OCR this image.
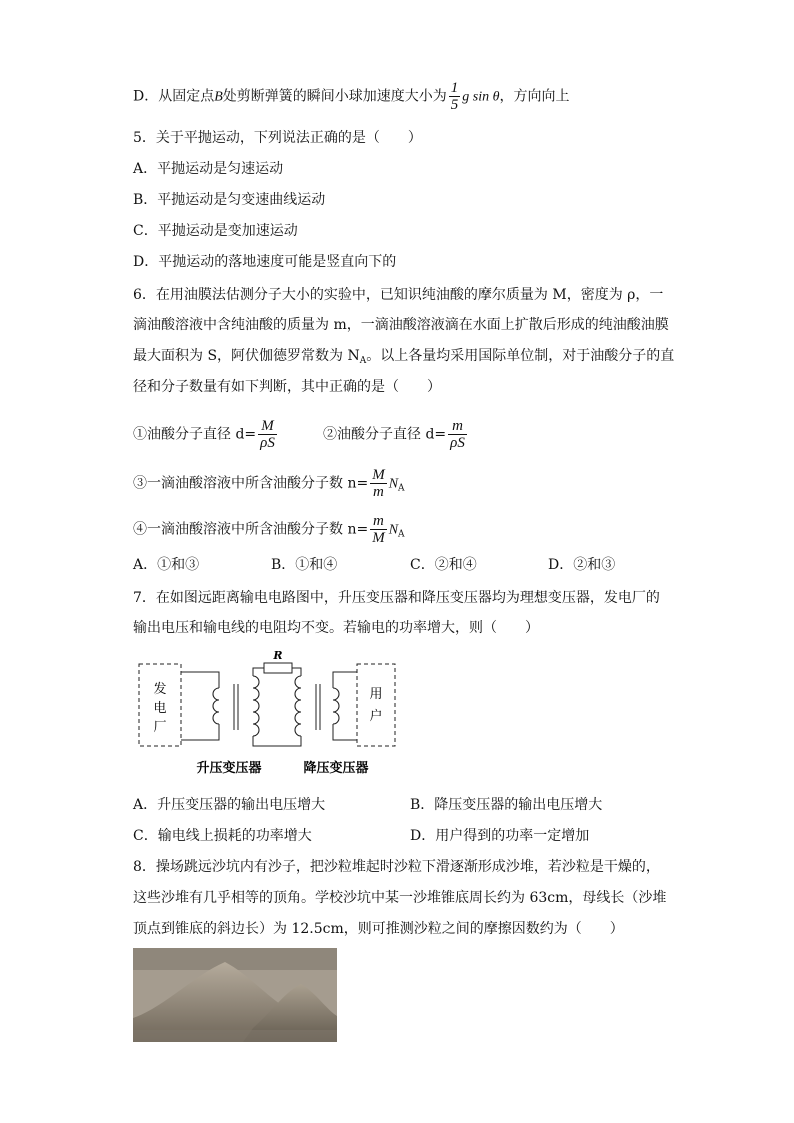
D．从固定点B处剪断弹簧的瞬间小球加速度大小为 $\frac{1}{5}$ g sin θ，方向向上
5．关于平抛运动，下列说法正确的是（　　）
A．平抛运动是匀速运动
B．平抛运动是匀变速曲线运动
C．平抛运动是变加速运动
D．平抛运动的落地速度可能是竖直向下的
6．在用油膜法估测分子大小的实验中，已知识纯油酸的摩尔质量为 M，密度为 ρ，一
滴油酸溶液中含纯油酸的质量为 m，一滴油酸溶液滴在水面上扩散后形成的纯油酸油膜
最大面积为 S，阿伏伽德罗常数为 $N_A$。以上各量均采用国际单位制，对于油酸分子的直
径和分子数量有如下判断，其中正确的是（　　）
①油酸分子直径 $d= \frac{M}{\rho S}$	②油酸分子直径 $d= \frac{m}{\rho S}$
③一滴油酸溶液中所含油酸分子数 $n= \frac{M}{m} N_A$
④一滴油酸溶液中所含油酸分子数 $n= \frac{m}{M} N_A$
A．①和③	B．①和④	C．②和④	D．②和③
7．在如图远距离输电电路图中，升压变压器和降压变压器均为理想变压器，发电厂的
输出电压和输电线的电阻均不变。若输电的功率增大，则（　　）
发
电
厂
R
用
户
升压变压器	降压变压器
A．升压变压器的输出电压增大	B．降压变压器的输出电压增大
C．输电线上损耗的功率增大	D．用户得到的功率一定增加
8．操场跳远沙坑内有沙子，把沙粒堆起时沙粒下滑逐渐形成沙堆，若沙粒是干燥的，
这些沙堆有几乎相等的顶角。学校沙坑中某一沙堆锥底周长约为 63cm，母线长（沙堆
顶点到锥底的斜边长）为 12.5cm，则可推测沙粒之间的摩擦因数约为（　　）
